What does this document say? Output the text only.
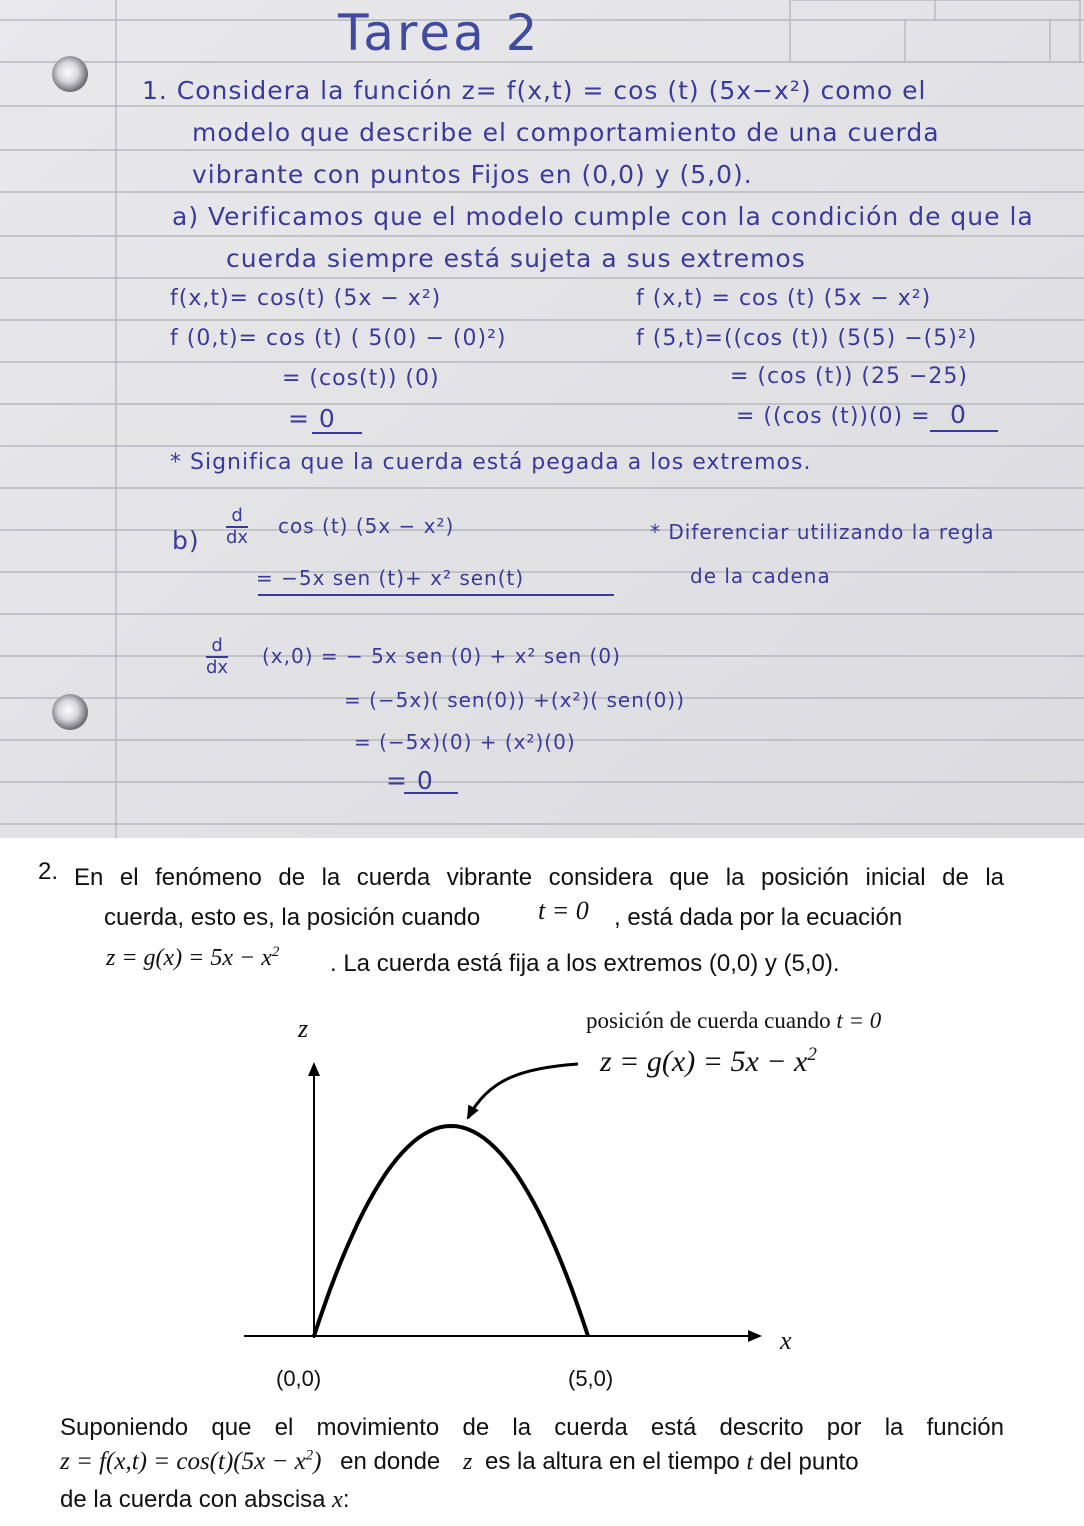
Tarea 2
1. Considera la función z= f(x,t) = cos (t) (5x−x²) como el
modelo que describe el comportamiento de una cuerda
vibrante con puntos Fijos en (0,0) y (5,0).
a) Verificamos que el modelo cumple con la condición de que la
cuerda siempre está sujeta a sus extremos
f(x,t)= cos(t) (5x − x²)
f (0,t)= cos (t) ( 5(0) − (0)²)
= (cos(t)) (0)
= 0
f (x,t) = cos (t) (5x − x²)
f (5,t)=((cos (t)) (5(5) −(5)²)
= (cos (t)) (25 −25)
= ((cos (t))(0) = 0
* Significa que la cuerda está pegada a los extremos.
$b) \frac{d}{dx}$ cos (t) (5x − x²)
= −5x sen (t)+ x² sen(t)
* Diferenciar utilizando la regla
de la cadena
$\frac{d}{dx} (x,0)$ = − 5x sen (0) + x² sen (0)
= (−5x)( sen(0)) +(x²)( sen(0))
= (−5x)(0) + (x²)(0)
= 0
2. En el fenómeno de la cuerda vibrante considera que la posición inicial de la
cuerda, esto es, la posición cuando t = 0 , está dada por la ecuación
$z = g(x) = 5x - x^2$ . La cuerda está fija a los extremos (0,0) y (5,0).
z
x
posición de cuerda cuando t = 0
$z = g(x) = 5x - x^2$
(0,0)	(5,0)
Suponiendo que el movimiento de la cuerda está descrito por la función
$z = f(x,t) = \cos(t)(5x - x^2)$ en donde z es la altura en el tiempo t del punto
de la cuerda con abscisa x:
